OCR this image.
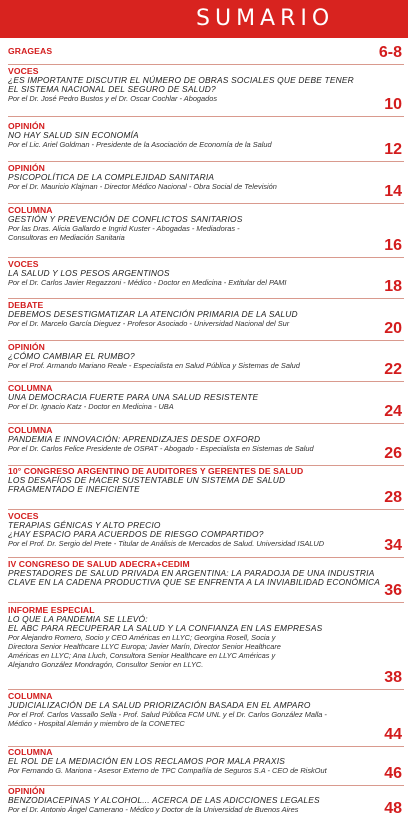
SUMARIO
GRAGEAS	6-8
VOCES
¿ES IMPORTANTE DISCUTIR EL NÚMERO DE OBRAS SOCIALES QUE DEBE TENER
EL SISTEMA NACIONAL DEL SEGURO DE SALUD?
Por el Dr. José Pedro Bustos y el Dr. Oscar Cochlar - Abogados	10
OPINIÓN
NO HAY SALUD SIN ECONOMÍA
Por el Lic. Ariel Goldman - Presidente de la Asociación de Economía de la Salud	12
OPINIÓN
PSICOPOLÍTICA DE LA COMPLEJIDAD SANITARIA
Por el Dr. Mauricio Klajman - Director Médico Nacional - Obra Social de Televisión	14
COLUMNA
GESTIÓN Y PREVENCIÓN DE CONFLICTOS SANITARIOS
Por las Dras. Alicia Gallardo e Ingrid Kuster - Abogadas - Mediadoras -
Consultoras en Mediación Sanitaria	16
VOCES
LA SALUD Y LOS PESOS ARGENTINOS
Por el Dr. Carlos Javier Regazzoni - Médico - Doctor en Medicina - Extitular del PAMI	18
DEBATE
DEBEMOS DESESTIGMATIZAR LA ATENCIÓN PRIMARIA DE LA SALUD
Por el Dr. Marcelo García Dieguez - Profesor Asociado - Universidad Nacional del Sur	20
OPINIÓN
¿CÓMO CAMBIAR EL RUMBO?
Por el Prof. Armando Mariano Reale - Especialista en Salud Pública y Sistemas de Salud	22
COLUMNA
UNA DEMOCRACIA FUERTE PARA UNA SALUD RESISTENTE
Por el Dr. Ignacio Katz - Doctor en Medicina - UBA	24
COLUMNA
PANDEMIA E INNOVACIÓN: APRENDIZAJES DESDE OXFORD
Por el Dr. Carlos Felice Presidente de OSPAT - Abogado - Especialista en Sistemas de Salud	26
10° CONGRESO ARGENTINO DE AUDITORES Y GERENTES DE SALUD
LOS DESAFÍOS DE HACER SUSTENTABLE UN SISTEMA DE SALUD
FRAGMENTADO E INEFICIENTE	28
VOCES
TERAPIAS GÉNICAS Y ALTO PRECIO
¿HAY ESPACIO PARA ACUERDOS DE RIESGO COMPARTIDO?
Por el Prof. Dr. Sergio del Prete - Titular de Análisis de Mercados de Salud. Universidad ISALUD	34
IV CONGRESO DE SALUD ADECRA+CEDIM
PRESTADORES DE SALUD PRIVADA EN ARGENTINA: LA PARADOJA DE UNA INDUSTRIA
CLAVE EN LA CADENA PRODUCTIVA QUE SE ENFRENTA A LA INVIABILIDAD ECONÓMICA 36
INFORME ESPECIAL
LO QUE LA PANDEMIA SE LLEVÓ:
EL ABC PARA RECUPERAR LA SALUD Y LA CONFIANZA EN LAS EMPRESAS
Por Alejandro Romero, Socio y CEO Américas en LLYC; Georgina Rosell, Socia y
Directora Senior Healthcare LLYC Europa; Javier Marín, Director Senior Healthcare
Américas en LLYC; Ana Lluch, Consultora Senior Healthcare en LLYC Américas y
Alejandro González Mondragón, Consultor Senior en LLYC.
38
COLUMNA
JUDICIALIZACIÓN DE LA SALUD PRIORIZACIÓN BASADA EN EL AMPARO
Por el Prof. Carlos Vassallo Sella - Prof. Salud Pública FCM UNL y el Dr. Carlos González Malla -
Médico - Hospital Alemán y miembro de la CONETEC
44
COLUMNA
EL ROL DE LA MEDIACIÓN EN LOS RECLAMOS POR MALA PRAXIS
Por Fernando G. Mariona - Asesor Externo de TPC Compañía de Seguros S.A - CEO de RiskOut	46
OPINIÓN
BENZODIACEPINAS Y ALCOHOL... ACERCA DE LAS ADICCIONES LEGALES
Por el Dr. Antonio Ángel Camerano - Médico y Doctor de la Universidad de Buenos Aires	48
